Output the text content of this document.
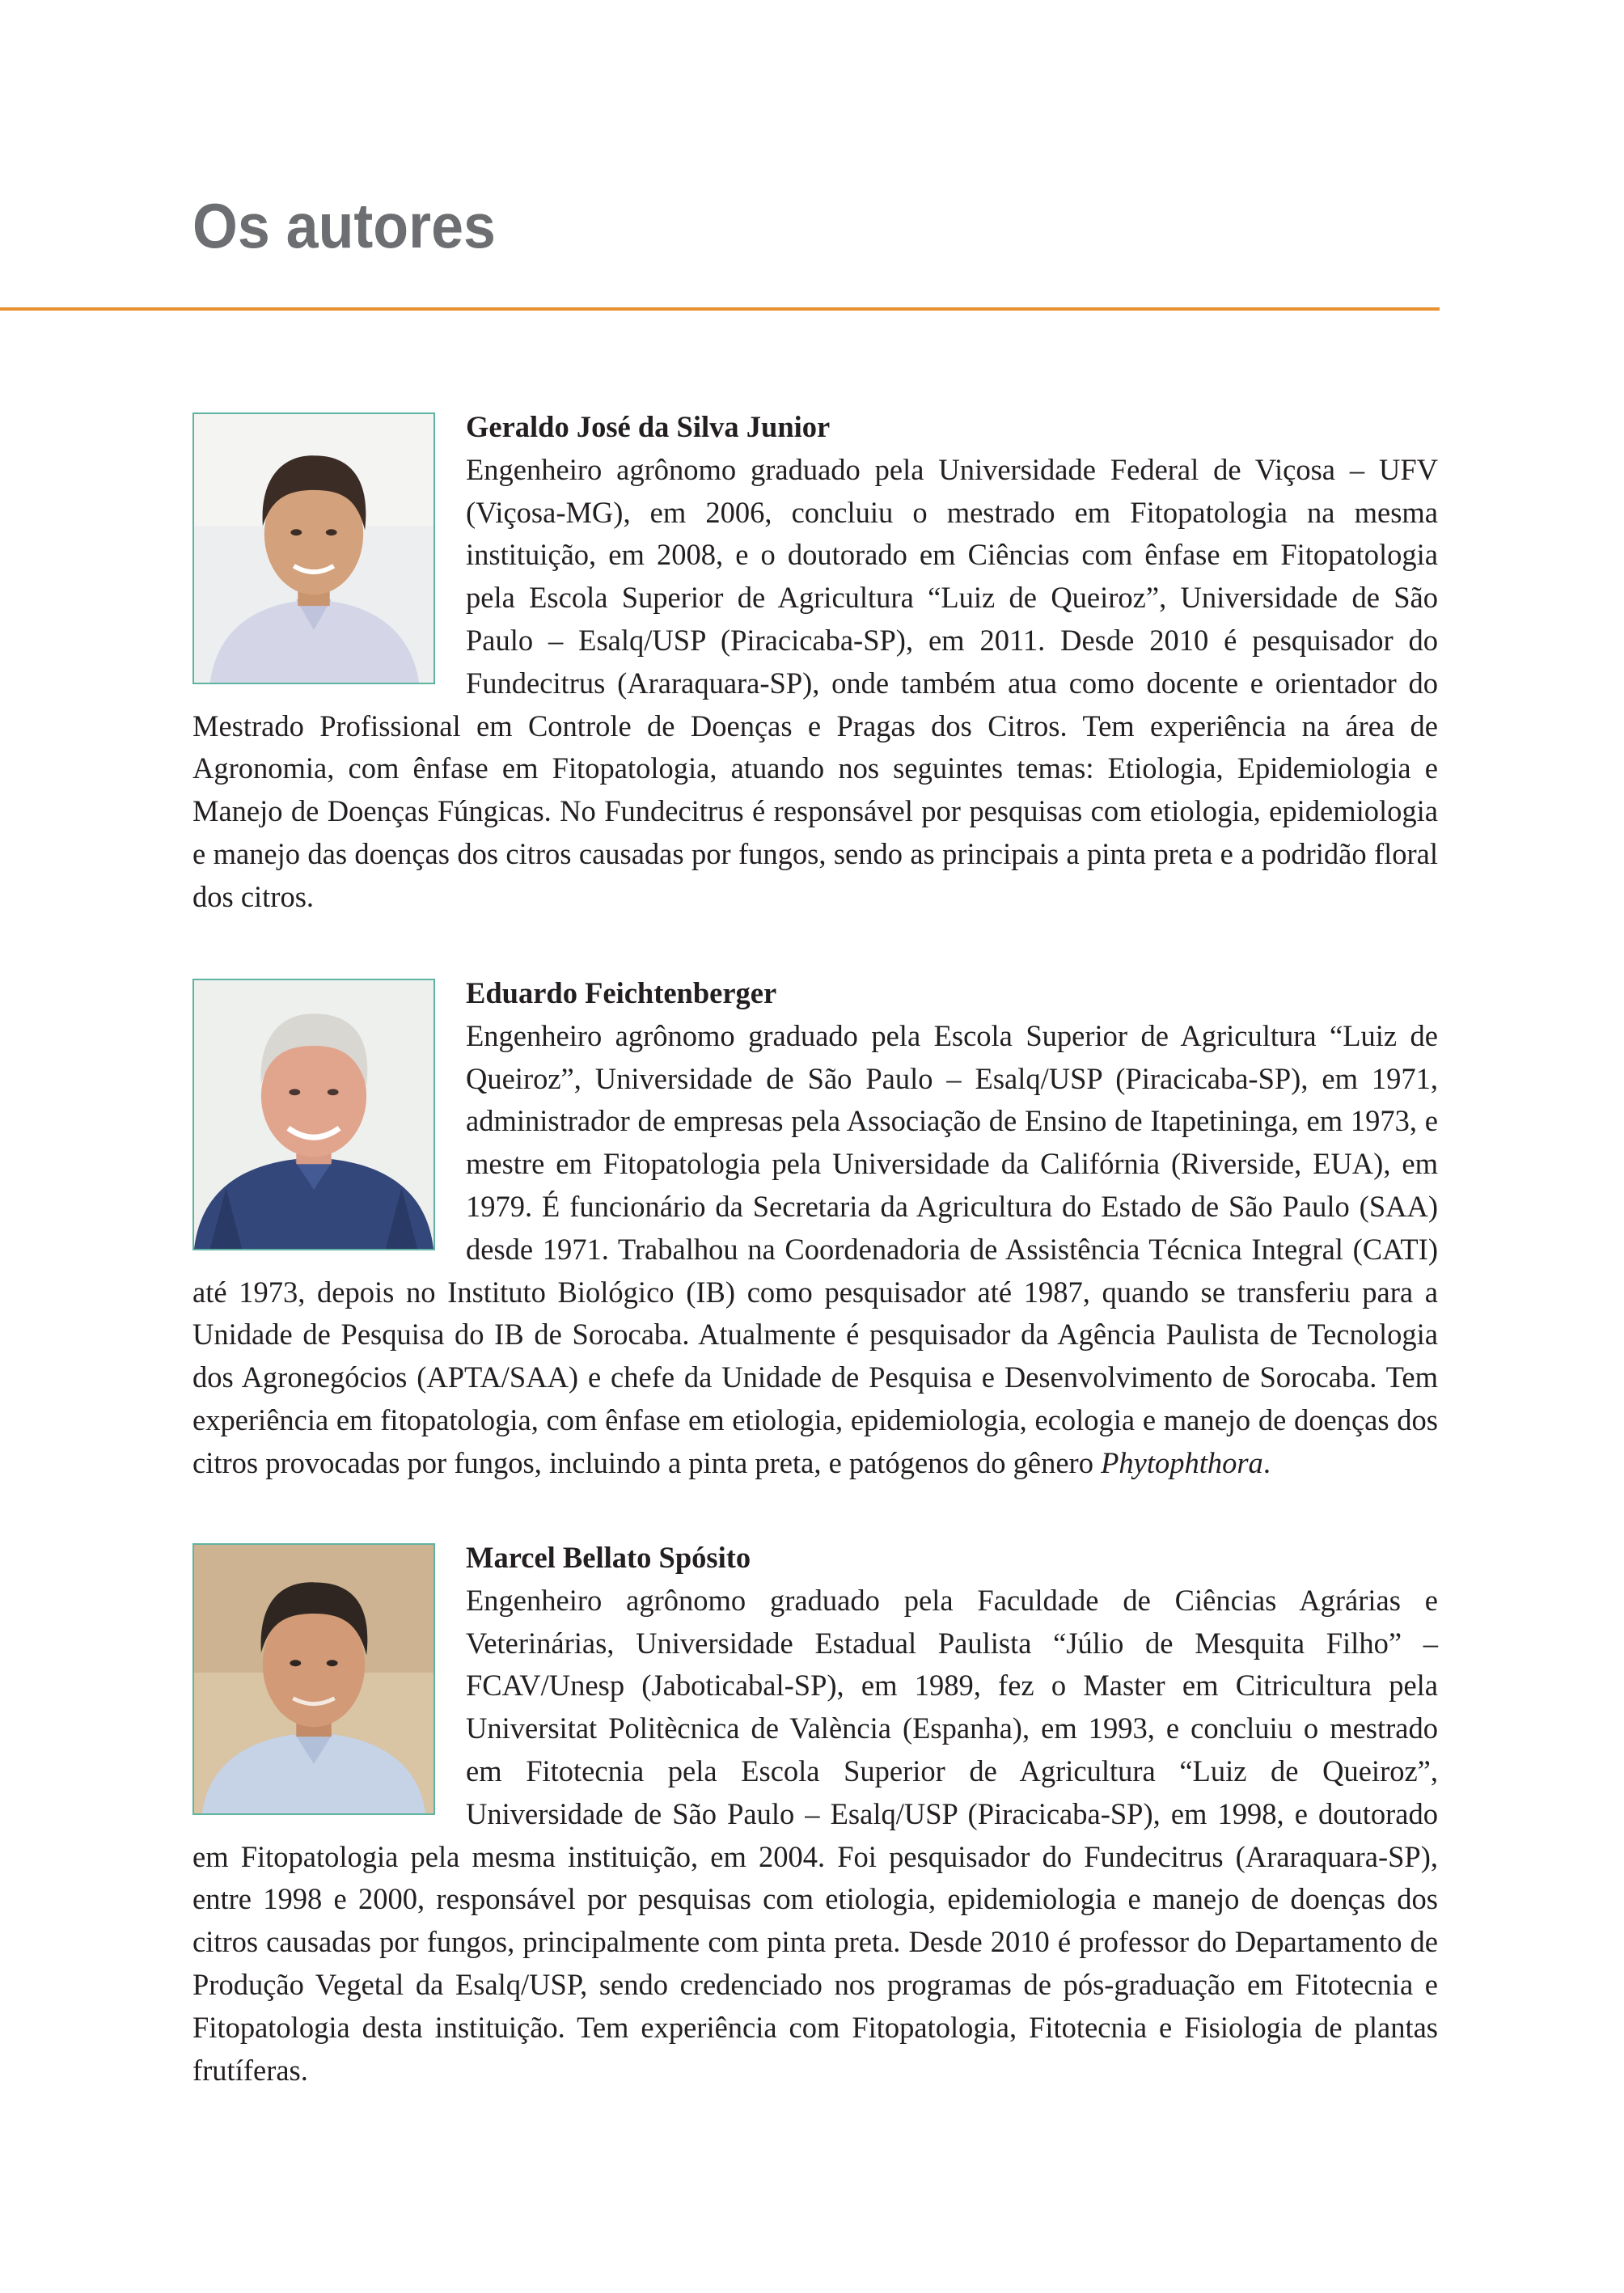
Os autores
Geraldo José da Silva Junior
Engenheiro agrônomo graduado pela Universidade Federal de Viçosa – UFV (Viçosa-MG), em 2006, concluiu o mestrado em Fitopatologia na mesma instituição, em 2008, e o doutorado em Ciências com ênfase em Fitopatologia pela Escola Superior de Agricultura “Luiz de Queiroz”, Universidade de São Paulo – Esalq/USP (Piracicaba-SP), em 2011. Desde 2010 é pesquisador do Fundecitrus (Araraquara-SP), onde também atua como docente e orientador do Mestrado Profissional em Controle de Doenças e Pragas dos Citros. Tem experiência na área de Agronomia, com ênfase em Fitopatologia, atuando nos seguintes temas: Etiologia, Epidemiologia e Manejo de Doenças Fúngicas. No Fundecitrus é responsável por pesquisas com etiologia, epidemiologia e manejo das doenças dos citros causadas por fungos, sendo as principais a pinta preta e a podridão floral dos citros.
Eduardo Feichtenberger
Engenheiro agrônomo graduado pela Escola Superior de Agricultura “Luiz de Queiroz”, Universidade de São Paulo – Esalq/USP (Piracicaba-SP), em 1971, administrador de empresas pela Associação de Ensino de Itapetininga, em 1973, e mestre em Fitopatologia pela Universidade da Califórnia (Riverside, EUA), em 1979. É funcionário da Secretaria da Agricultura do Estado de São Paulo (SAA) desde 1971. Trabalhou na Coordenadoria de Assistência Técnica Integral (CATI) até 1973, depois no Instituto Biológico (IB) como pesquisador até 1987, quando se transferiu para a Unidade de Pesquisa do IB de Sorocaba. Atualmente é pesquisador da Agência Paulista de Tecnologia dos Agronegócios (APTA/SAA) e chefe da Unidade de Pesquisa e Desenvolvimento de Sorocaba. Tem experiência em fitopatologia, com ênfase em etiologia, epidemiologia, ecologia e manejo de doenças dos citros provocadas por fungos, incluindo a pinta preta, e patógenos do gênero Phytophthora.
Marcel Bellato Spósito
Engenheiro agrônomo graduado pela Faculdade de Ciências Agrárias e Veterinárias, Universidade Estadual Paulista “Júlio de Mesquita Filho” – FCAV/Unesp (Jaboticabal-SP), em 1989, fez o Master em Citricultura pela Universitat Politècnica de València (Espanha), em 1993, e concluiu o mestrado em Fitotecnia pela Escola Superior de Agricultura “Luiz de Queiroz”, Universidade de São Paulo – Esalq/USP (Piracicaba-SP), em 1998, e doutorado em Fitopatologia pela mesma instituição, em 2004. Foi pesquisador do Fundecitrus (Araraquara-SP), entre 1998 e 2000, responsável por pesquisas com etiologia, epidemiologia e manejo de doenças dos citros causadas por fungos, principalmente com pinta preta. Desde 2010 é professor do Departamento de Produção Vegetal da Esalq/USP, sendo credenciado nos programas de pós-graduação em Fitotecnia e Fitopatologia desta instituição. Tem experiência com Fitopatologia, Fitotecnia e Fisiologia de plantas frutíferas.
